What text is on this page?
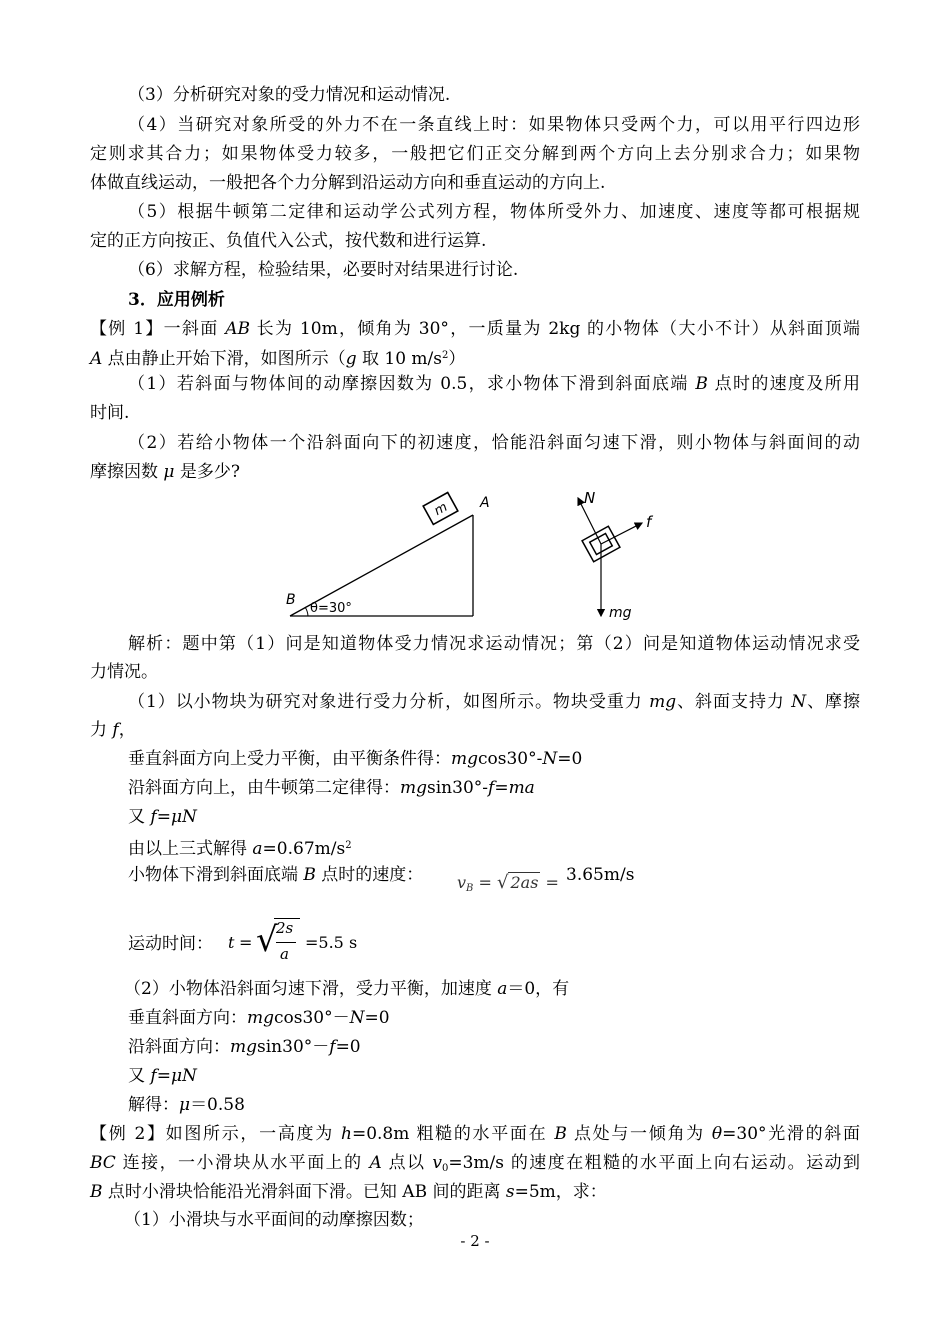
（3）分析研究对象的受力情况和运动情况.
（4）当研究对象所受的外力不在一条直线上时：如果物体只受两个力，可以用平行四边形
定则求其合力；如果物体受力较多，一般把它们正交分解到两个方向上去分别求合力；如果物
体做直线运动，一般把各个力分解到沿运动方向和垂直运动的方向上.
（5）根据牛顿第二定律和运动学公式列方程，物体所受外力、加速度、速度等都可根据规
定的正方向按正、负值代入公式，按代数和进行运算.
（6）求解方程，检验结果，必要时对结果进行讨论.
3．应用例析
【例 1】一斜面 AB 长为 10m，倾角为 30°，一质量为 2kg 的小物体（大小不计）从斜面顶端
A 点由静止开始下滑，如图所示（g 取 10 $m/s^2$）
（1）若斜面与物体间的动摩擦因数为 0.5，求小物体下滑到斜面底端 B 点时的速度及所用
时间.
（2）若给小物体一个沿斜面向下的初速度，恰能沿斜面匀速下滑，则小物体与斜面间的动
摩擦因数 μ 是多少?
m A
B
θ=30°
N
f
mg
解析：题中第（1）问是知道物体受力情况求运动情况；第（2）问是知道物体运动情况求受
力情况。
（1）以小物块为研究对象进行受力分析，如图所示。物块受重力 mg、斜面支持力 N、摩擦
力 f，
垂直斜面方向上受力平衡，由平衡条件得：mgcos30°-N=0
沿斜面方向上，由牛顿第二定律得：mgsin30°-f=ma
又 f=μN
由以上三式解得 $a=0.67m/s^2$
小物体下滑到斜面底端 B 点时的速度：	$v_B$ = √ 2as = 3.65m/s
运动时间： t = √
2s
a
=5.5 s
（2）小物体沿斜面匀速下滑，受力平衡，加速度 a＝0，有
垂直斜面方向：mgcos30°－N=0
沿斜面方向：mgsin30°－f=0
又 f=μN
解得：μ＝0.58
【例 2】如图所示，一高度为 h=0.8m 粗糙的水平面在 B 点处与一倾角为 θ=30°光滑的斜面
BC 连接，一小滑块从水平面上的 A 点以 $v_0=3m/s$ 的速度在粗糙的水平面上向右运动。运动到
B 点时小滑块恰能沿光滑斜面下滑。已知 AB 间的距离 s=5m，求：
（1）小滑块与水平面间的动摩擦因数；
- 2 -
